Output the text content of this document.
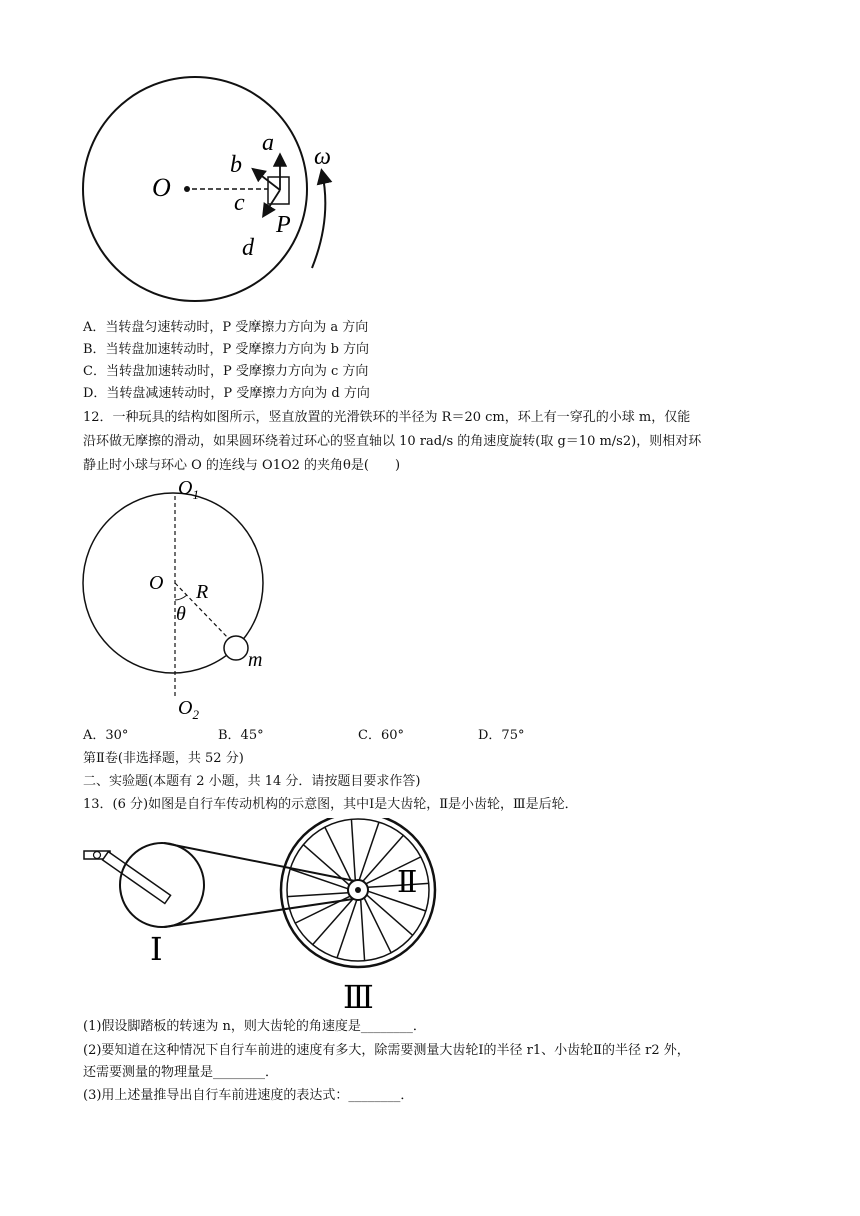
O
a
b
c
d
P
ω
A．当转盘匀速转动时，P 受摩擦力方向为 a 方向
B．当转盘加速转动时，P 受摩擦力方向为 b 方向
C．当转盘加速转动时，P 受摩擦力方向为 c 方向
D．当转盘减速转动时，P 受摩擦力方向为 d 方向
12．一种玩具的结构如图所示，竖直放置的光滑铁环的半径为 R＝20 cm，环上有一穿孔的小球 m，仅能
沿环做无摩擦的滑动，如果圆环绕着过环心的竖直轴以 10 rad/s 的角速度旋转(取 g＝10 m/s2)，则相对环
静止时小球与环心 O 的连线与 O1O2 的夹角θ是(　　)
$O_1$
O R
θ
m
$O_2$
A．30°	B．45°	C．60°	D．75°
第Ⅱ卷(非选择题，共 52 分)
二、实验题(本题有 2 小题，共 14 分．请按题目要求作答)
13．(6 分)如图是自行车传动机构的示意图，其中Ⅰ是大齿轮，Ⅱ是小齿轮，Ⅲ是后轮．
Ⅰ
Ⅱ
Ⅲ
(1)假设脚踏板的转速为 n，则大齿轮的角速度是________．
(2)要知道在这种情况下自行车前进的速度有多大，除需要测量大齿轮Ⅰ的半径 r1、小齿轮Ⅱ的半径 r2 外，
还需要测量的物理量是________．
(3)用上述量推导出自行车前进速度的表达式：________．
